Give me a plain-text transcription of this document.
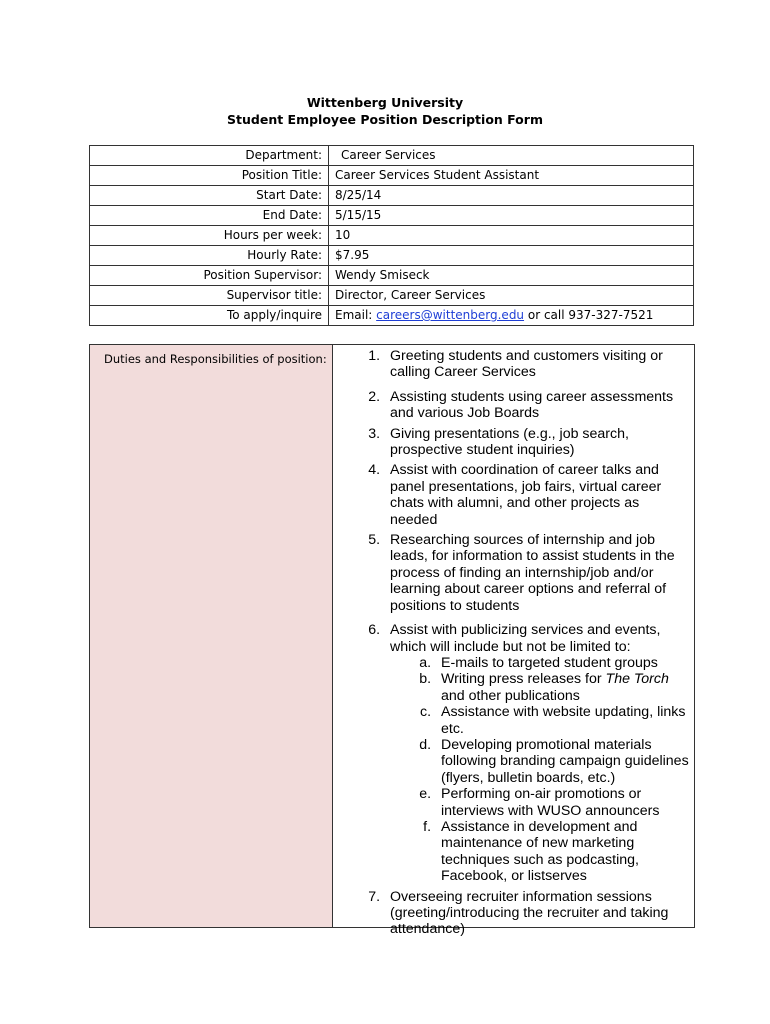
Wittenberg University
Student Employee Position Description Form
Department:	Career Services
Position Title:	Career Services Student Assistant
Start Date:	8/25/14
End Date:	5/15/15
Hours per week:	10
Hourly Rate:	$7.95
Position Supervisor:	Wendy Smiseck
Supervisor title:	Director, Career Services
To apply/inquire	Email: careers@wittenberg.edu or call 937-327-7521
Duties and Responsibilities of position:	1. Greeting students and customers visiting or calling Career Services
2. Assisting students using career assessments and various Job Boards
3. Giving presentations (e.g., job search, prospective student inquiries)
4. Assist with coordination of career talks and panel presentations, job fairs, virtual career chats with alumni, and other projects as needed
5. Researching sources of internship and job leads, for information to assist students in the process of finding an internship/job and/or learning about career options and referral of positions to students
6. Assist with publicizing services and events, which will include but not be limited to:
a. E-mails to targeted student groups
b. Writing press releases for The Torch and other publications
c. Assistance with website updating, links etc.
d. Developing promotional materials following branding campaign guidelines (flyers, bulletin boards, etc.)
e. Performing on-air promotions or interviews with WUSO announcers
f. Assistance in development and maintenance of new marketing techniques such as podcasting, Facebook, or listserves
7. Overseeing recruiter information sessions (greeting/introducing the recruiter and taking attendance)
